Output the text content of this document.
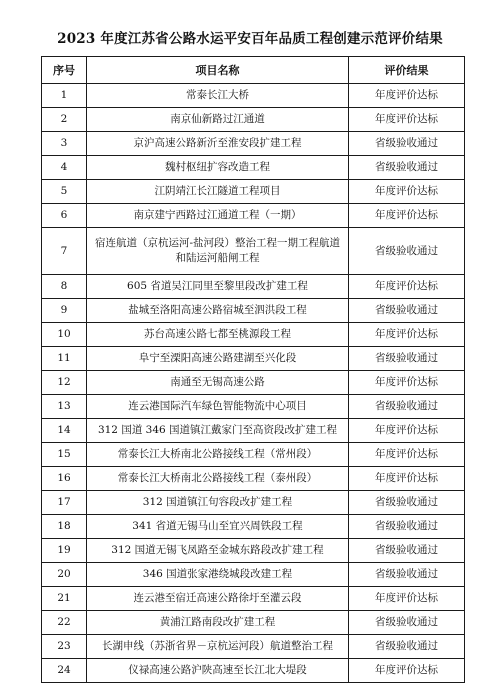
2023 年度江苏省公路水运平安百年品质工程创建示范评价结果
序号	项目名称	评价结果
1	常泰长江大桥	年度评价达标
2	南京仙新路过江通道	年度评价达标
3	京沪高速公路新沂至淮安段扩建工程	省级验收通过
4	魏村枢纽扩容改造工程	省级验收通过
5	江阴靖江长江隧道工程项目	年度评价达标
6	南京建宁西路过江通道工程（一期）	年度评价达标
7	宿连航道（京杭运河-盐河段）整治工程一期工程航道和陆运河船闸工程	省级验收通过
8	605 省道吴江同里至黎里段改扩建工程	年度评价达标
9	盐城至洛阳高速公路宿城至泗洪段工程	省级验收通过
10	苏台高速公路七都至桃源段工程	年度评价达标
11	阜宁至溧阳高速公路建湖至兴化段	省级验收通过
12	南通至无锡高速公路	年度评价达标
13	连云港国际汽车绿色智能物流中心项目	省级验收通过
14	312 国道 346 国道镇江戴家门至高资段改扩建工程	年度评价达标
15	常泰长江大桥南北公路接线工程（常州段）	年度评价达标
16	常泰长江大桥南北公路接线工程（泰州段）	年度评价达标
17	312 国道镇江句容段改扩建工程	省级验收通过
18	341 省道无锡马山至宜兴周铁段工程	省级验收通过
19	312 国道无锡飞凤路至金城东路段改扩建工程	省级验收通过
20	346 国道张家港绕城段改建工程	省级验收通过
21	连云港至宿迁高速公路徐圩至灌云段	年度评价达标
22	黄浦江路南段改扩建工程	省级验收通过
23	长湖申线（苏浙省界－京杭运河段）航道整治工程	省级验收通过
24	仪禄高速公路沪陕高速至长江北大堤段	年度评价达标
